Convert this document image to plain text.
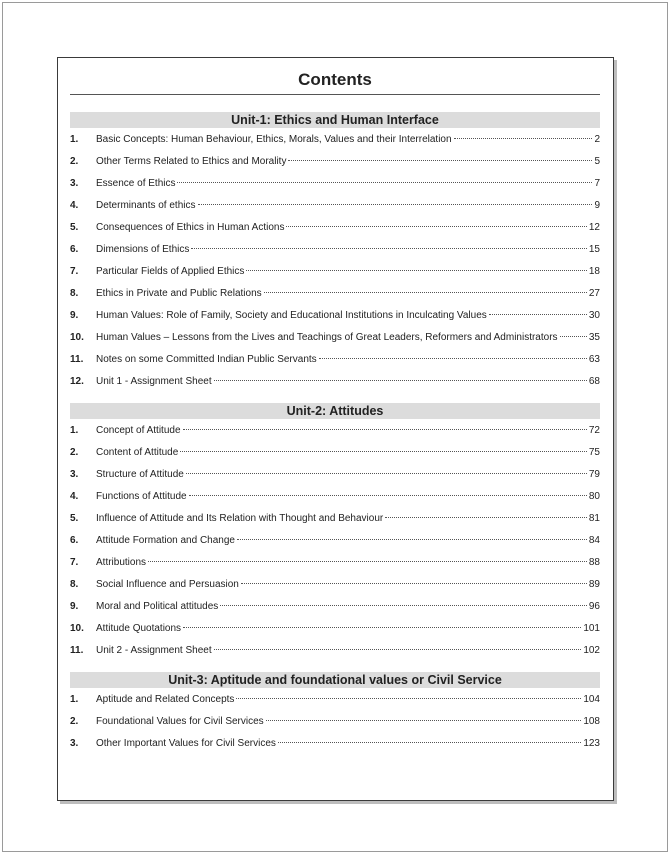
Contents
Unit-1: Ethics and Human Interface
1. Basic Concepts: Human Behaviour, Ethics, Morals, Values and their Interrelation	2
2. Other Terms Related to Ethics and Morality	5
3. Essence of Ethics	7
4. Determinants of ethics	9
5. Consequences of Ethics in Human Actions	12
6. Dimensions of Ethics	15
7. Particular Fields of Applied Ethics	18
8. Ethics in Private and Public Relations	27
9. Human Values: Role of Family, Society and Educational Institutions in Inculcating Values	30
10. Human Values – Lessons from the Lives and Teachings of Great Leaders, Reformers and Administrators	35
11. Notes on some Committed Indian Public Servants	63
12. Unit 1 - Assignment Sheet	68
Unit-2: Attitudes
1. Concept of Attitude	72
2. Content of Attitude	75
3. Structure of Attitude	79
4. Functions of Attitude	80
5. Influence of Attitude and Its Relation with Thought and Behaviour	81
6. Attitude Formation and Change	84
7. Attributions	88
8. Social Influence and Persuasion	89
9. Moral and Political attitudes	96
10. Attitude Quotations	101
11. Unit 2 - Assignment Sheet	102
Unit-3: Aptitude and foundational values or Civil Service
1. Aptitude and Related Concepts	104
2. Foundational Values for Civil Services	108
3. Other Important Values for Civil Services	123
